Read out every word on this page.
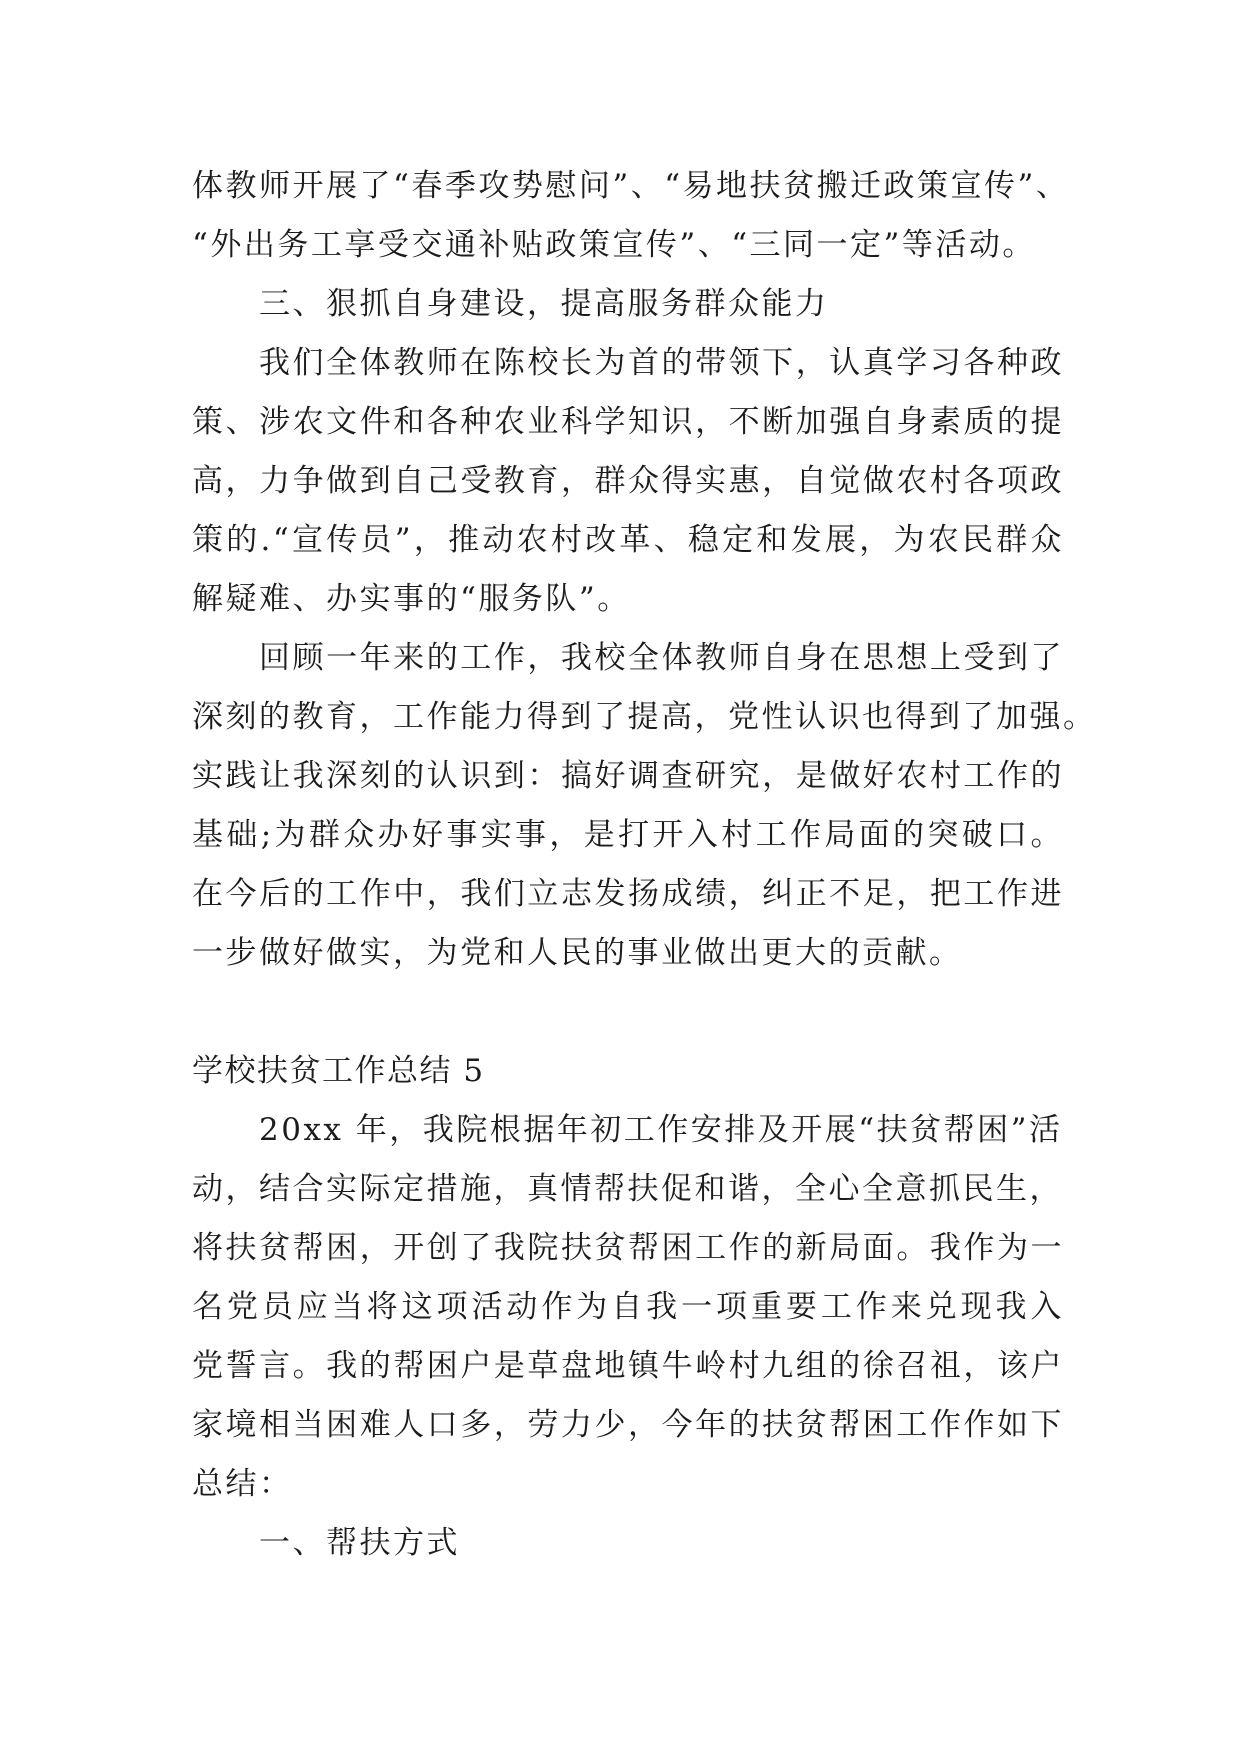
体教师开展了“春季攻势慰问”、“易地扶贫搬迁政策宣传”、
“外出务工享受交通补贴政策宣传”、“三同一定”等活动。
三、狠抓自身建设，提高服务群众能力
我们全体教师在陈校长为首的带领下，认真学习各种政
策、涉农文件和各种农业科学知识，不断加强自身素质的提
高，力争做到自己受教育，群众得实惠，自觉做农村各项政
策的.“宣传员”，推动农村改革、稳定和发展，为农民群众
解疑难、办实事的“服务队”。
回顾一年来的工作，我校全体教师自身在思想上受到了
深刻的教育，工作能力得到了提高，党性认识也得到了加强。
实践让我深刻的认识到：搞好调查研究，是做好农村工作的
基础;为群众办好事实事，是打开入村工作局面的突破口。
在今后的工作中，我们立志发扬成绩，纠正不足，把工作进
一步做好做实，为党和人民的事业做出更大的贡献。
学校扶贫工作总结 5
20xx 年，我院根据年初工作安排及开展“扶贫帮困”活
动，结合实际定措施，真情帮扶促和谐，全心全意抓民生，
将扶贫帮困，开创了我院扶贫帮困工作的新局面。我作为一
名党员应当将这项活动作为自我一项重要工作来兑现我入
党誓言。我的帮困户是草盘地镇牛岭村九组的徐召祖，该户
家境相当困难人口多，劳力少，今年的扶贫帮困工作作如下
总结：
一、帮扶方式
